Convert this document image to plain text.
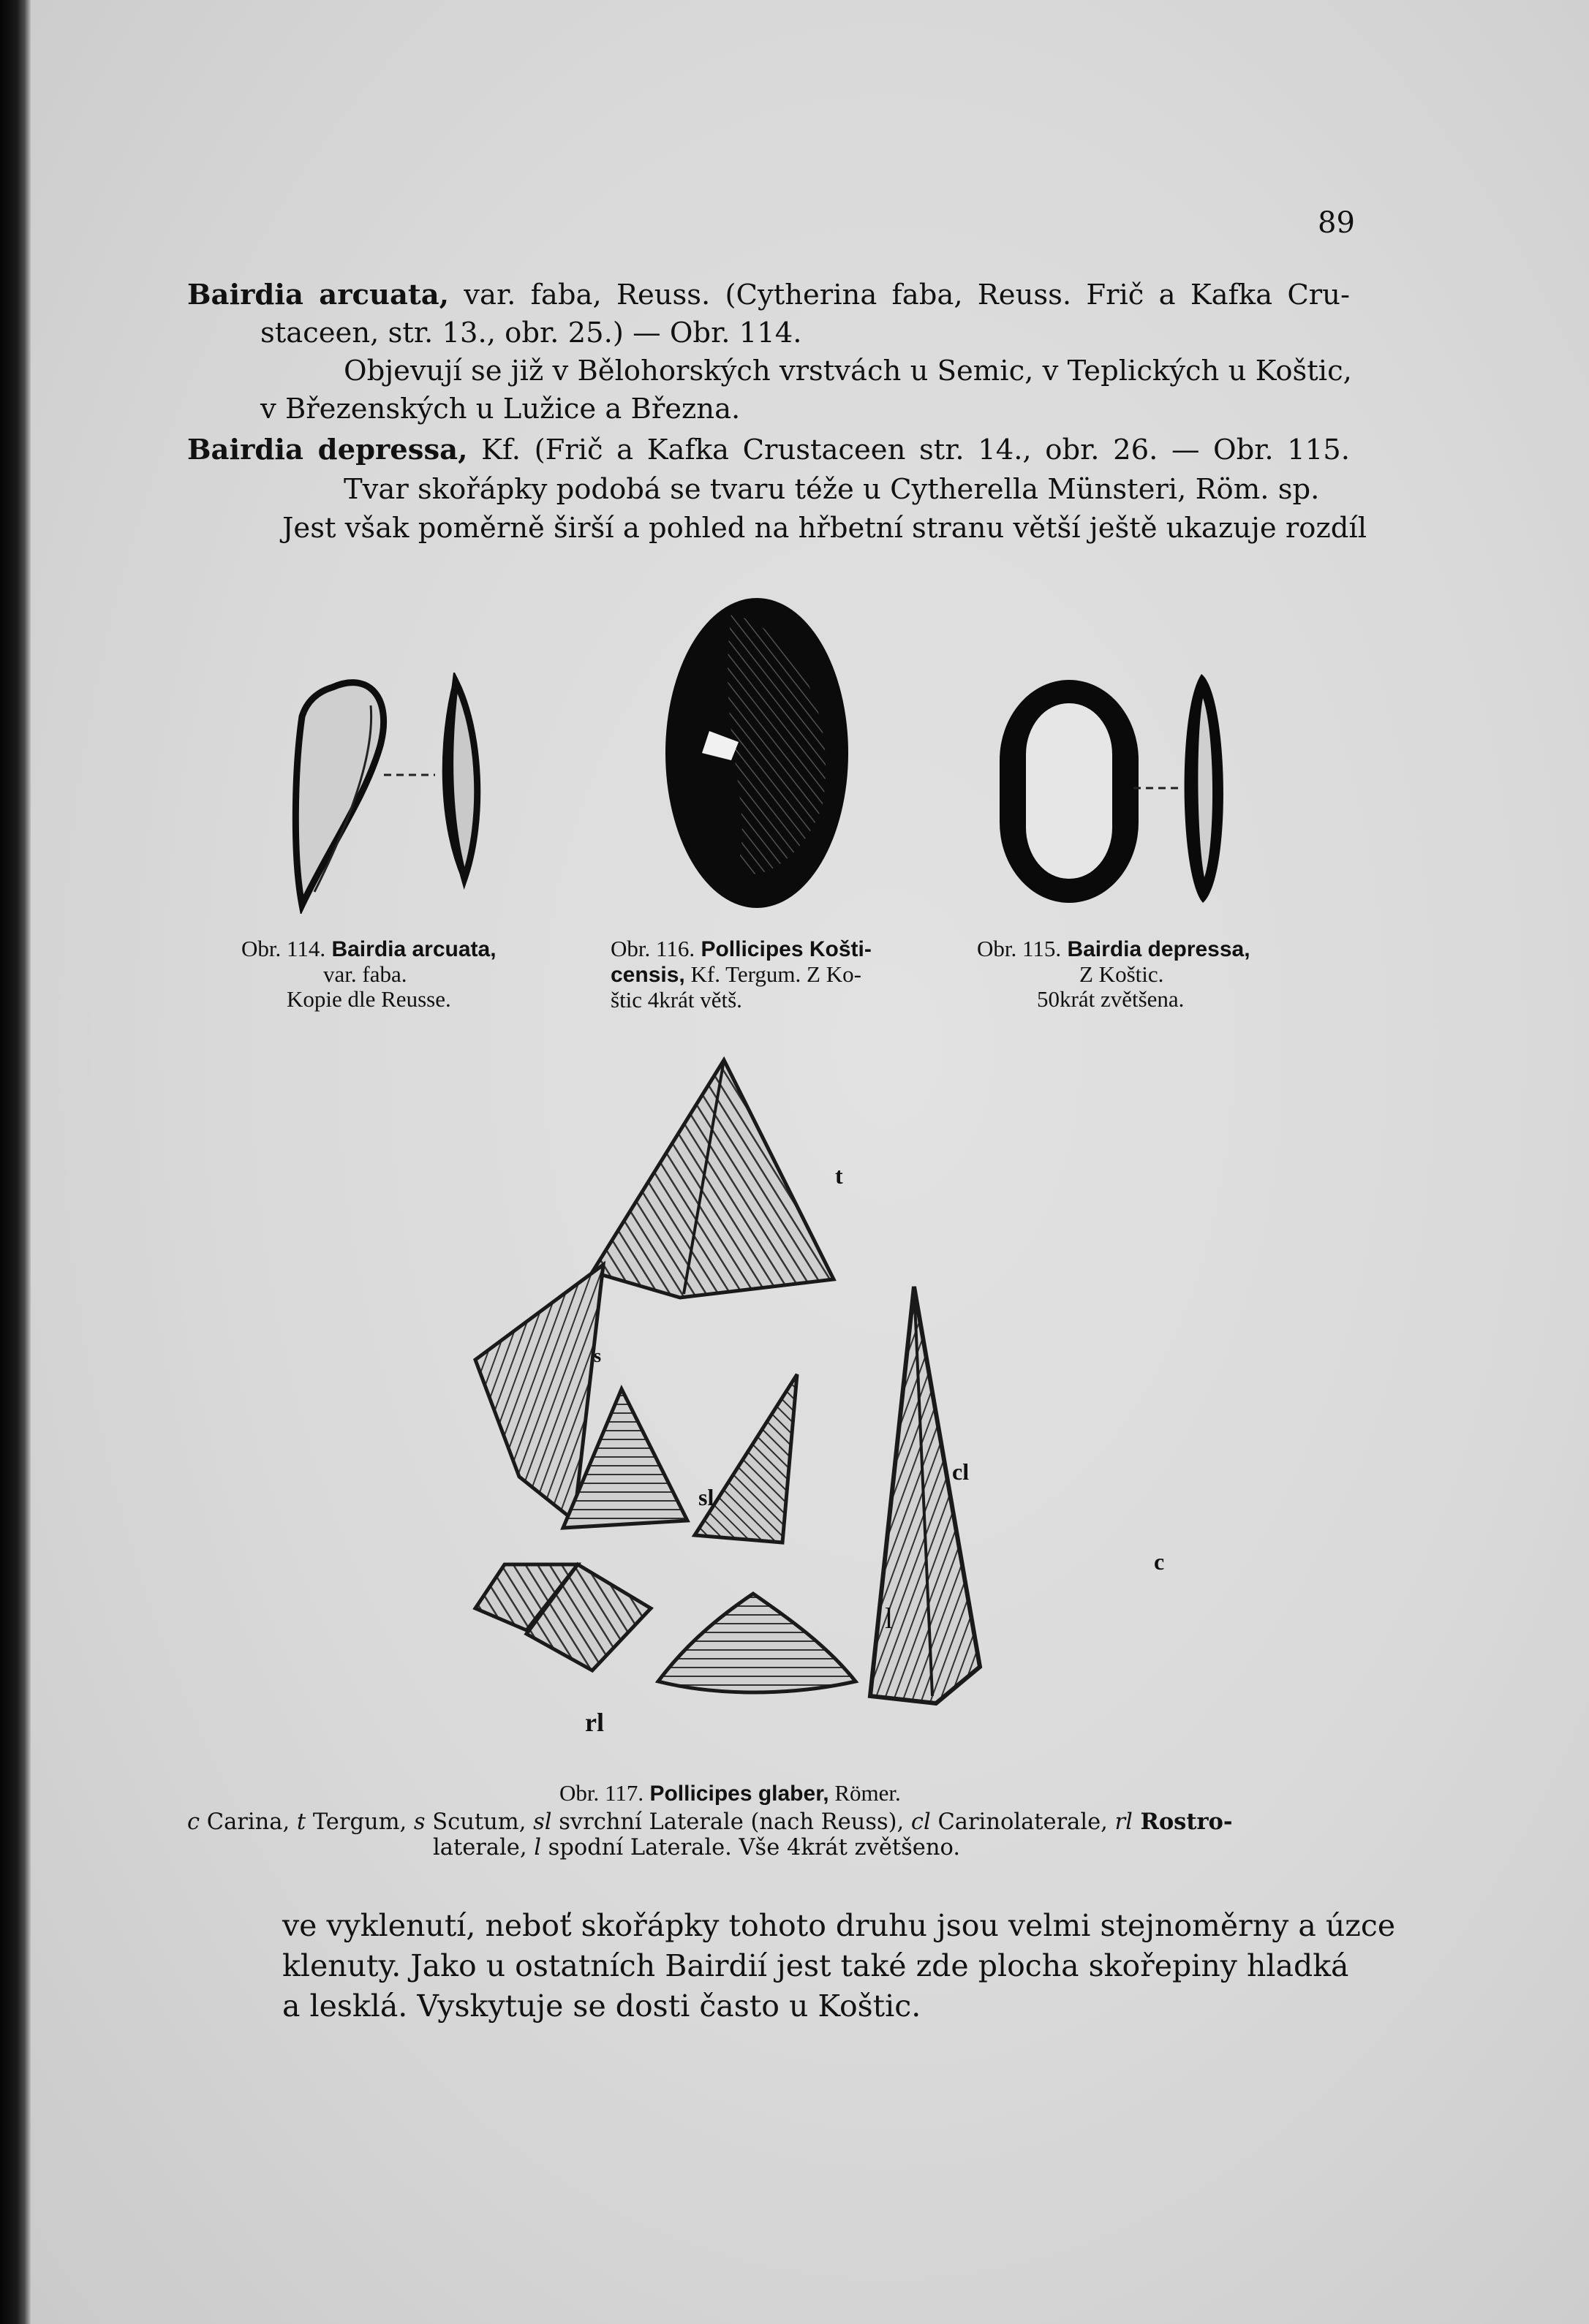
89
Bairdia arcuata, var. faba, Reuss. (Cytherina faba, Reuss. Frič a Kafka Cru-
staceen, str. 13., obr. 25.) — Obr. 114.
Objevují se již v Bělohorských vrstvách u Semic, v Teplických u Koštic,
v Březenských u Lužice a Března.
Bairdia depressa, Kf. (Frič a Kafka Crustaceen str. 14., obr. 26. — Obr. 115.
Tvar skořápky podobá se tvaru téže u Cytherella Münsteri, Röm. sp.
Jest však poměrně širší a pohled na hřbetní stranu větší ještě ukazuje rozdíl
Obr. 114. Bairdia arcuata,
var. faba.
Kopie dle Reusse.
Obr. 116. Pollicipes Košti-
censis, Kf. Tergum. Z Ko-
štic 4krát větš.
Obr. 115. Bairdia depressa,
Z Koštic.
50krát zvětšena.
t
s
sl
cl
l
c
rl
Obr. 117. Pollicipes glaber, Römer.
c Carina, t Tergum, s Scutum, sl svrchní Laterale (nach Reuss), cl Carinolaterale, rl Rostro-
laterale, l spodní Laterale. Vše 4krát zvětšeno.
ve vyklenutí, neboť skořápky tohoto druhu jsou velmi stejnoměrny a úzce
klenuty. Jako u ostatních Bairdií jest také zde plocha skořepiny hladká
a lesklá. Vyskytuje se dosti často u Koštic.
